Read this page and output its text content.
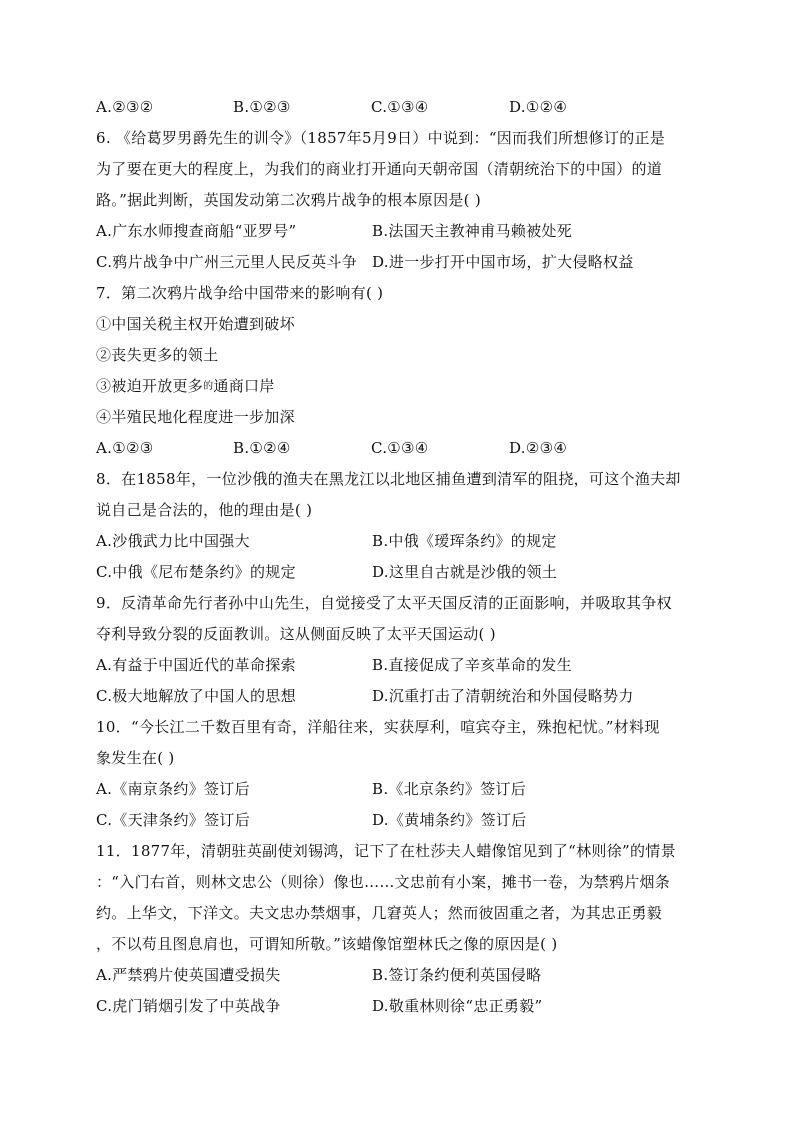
A.②③②	B.①②③	C.①③④	D.①②④
6. 《给葛罗男爵先生的训令》（1857年5月9日）中说到：“因而我们所想修订的正是
为了要在更大的程度上，为我们的商业打开通向天朝帝国（清朝统治下的中国）的道
路。”据此判断，英国发动第二次鸦片战争的根本原因是( )
A.广东水师搜查商船“亚罗号”	B.法国天主教神甫马赖被处死
C.鸦片战争中广州三元里人民反英斗争 D.进一步打开中国市场，扩大侵略权益
7．第二次鸦片战争给中国带来的影响有( )
①中国关税主权开始遭到破坏
②丧失更多的领土
③被迫开放更多$^的$通商口岸
④半殖民地化程度进一步加深
A.①②③	B.①②④	C.①③④	D.②③④
8．在1858年，一位沙俄的渔夫在黑龙江以北地区捕鱼遭到清军的阻挠，可这个渔夫却
说自己是合法的，他的理由是( )
A.沙俄武力比中国强大	B.中俄《瑷珲条约》的规定
C.中俄《尼布楚条约》的规定	D.这里自古就是沙俄的领土
9．反清革命先行者孙中山先生，自觉接受了太平天国反清的正面影响，并吸取其争权
夺利导致分裂的反面教训。这从侧面反映了太平天国运动( )
A.有益于中国近代的革命探索	B.直接促成了辛亥革命的发生
C.极大地解放了中国人的思想	D.沉重打击了清朝统治和外国侵略势力
10．“今长江二千数百里有奇，洋船往来，实获厚利，喧宾夺主，殊抱杞忧。”材料现
象发生在( )
A.《南京条约》签订后	B.《北京条约》签订后
C.《天津条约》签订后	D.《黄埔条约》签订后
11．1877年，清朝驻英副使刘锡鸿，记下了在杜莎夫人蜡像馆见到了“林则徐”的情景
：“入门右首，则林文忠公（则徐）像也……文忠前有小案，摊书一卷，为禁鸦片烟条
约。上华文，下洋文。夫文忠办禁烟事，几窘英人；然而彼固重之者，为其忠正勇毅
，不以苟且图息肩也，可谓知所敬。”该蜡像馆塑林氏之像的原因是( )
A.严禁鸦片使英国遭受损失	B.签订条约便利英国侵略
C.虎门销烟引发了中英战争	D.敬重林则徐“忠正勇毅”
